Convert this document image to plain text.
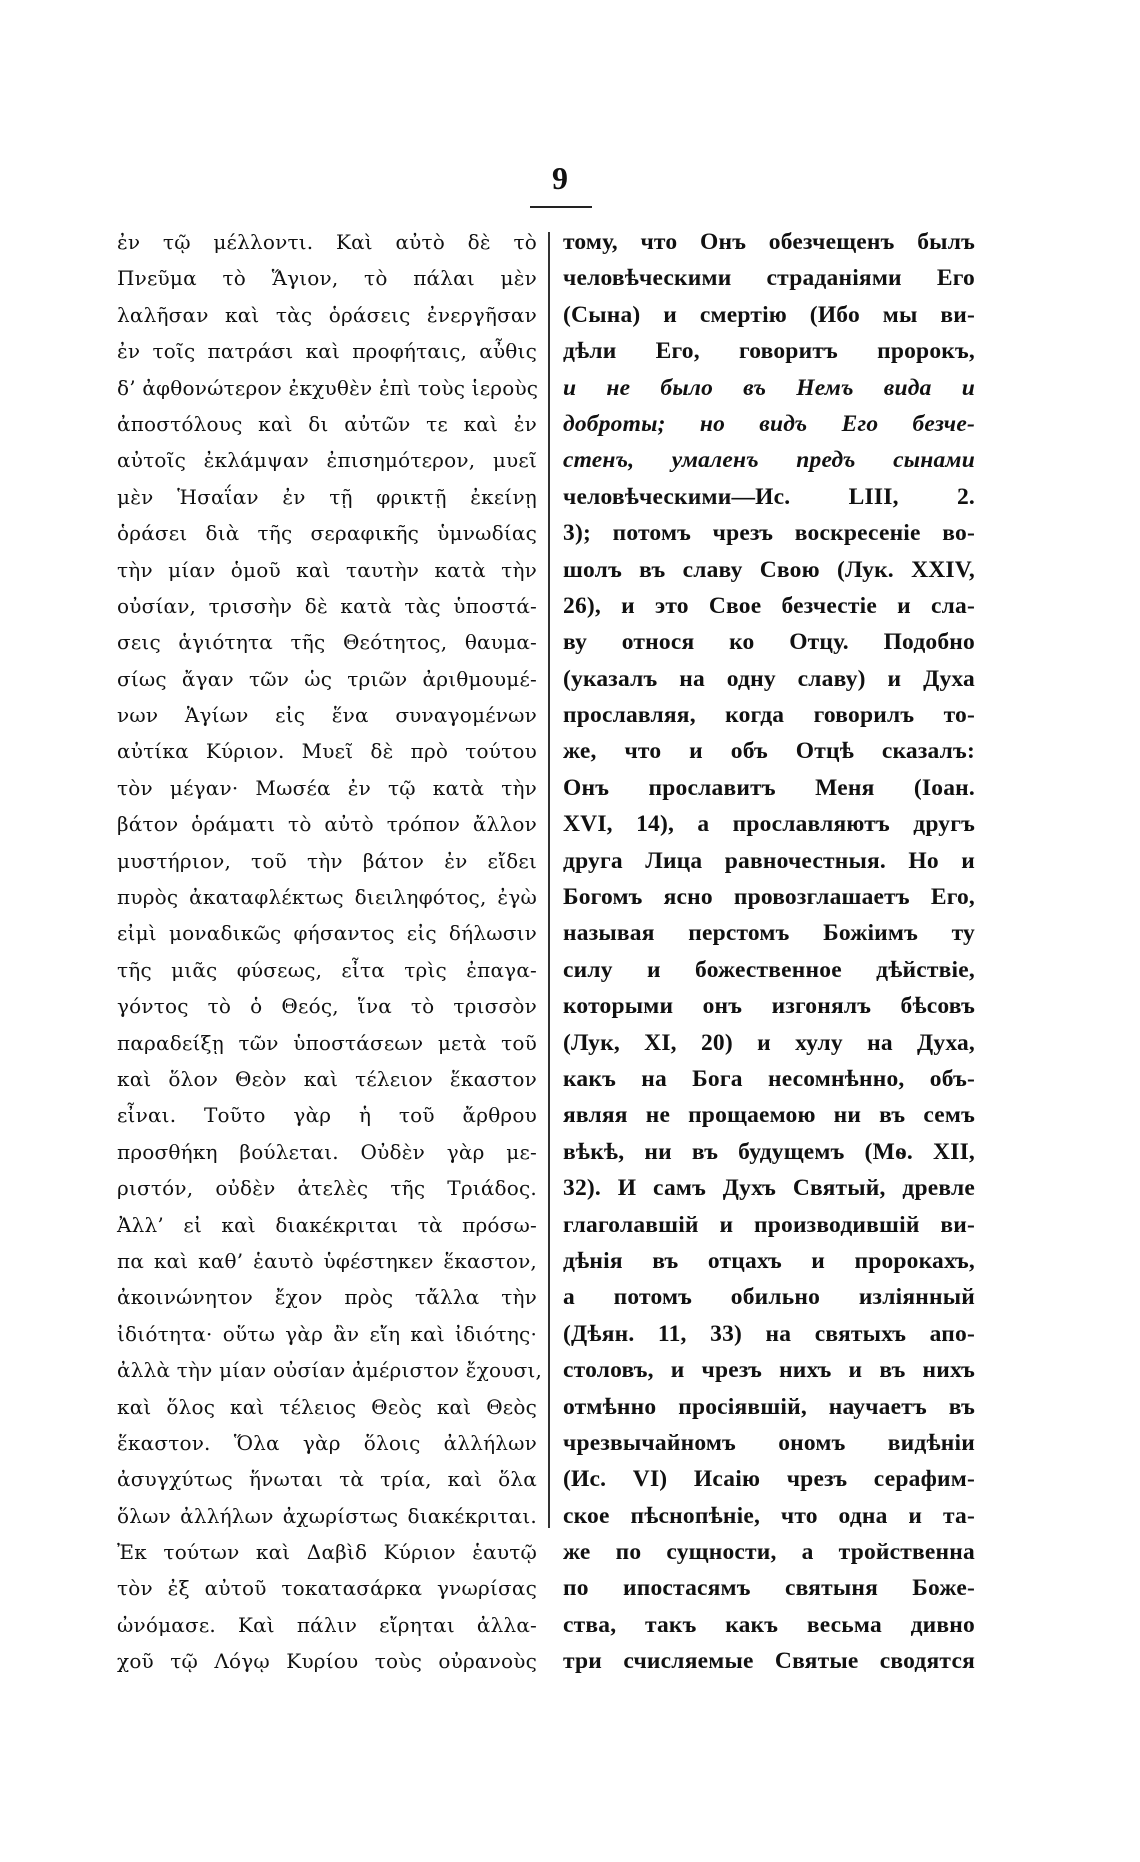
9
ἐν τῷ μέλλοντι. Καὶ αὐτὸ δὲ τὸ
Πνεῦμα τὸ Ἅγιον, τὸ πάλαι μὲν
λαλῆσαν καὶ τὰς ὁράσεις ἐνεργῆσαν
ἐν τοῖς πατράσι καὶ προφήταις, αὖθις
δ’ ἀφθονώτερον ἐκχυθὲν ἐπὶ τοὺς ἱεροὺς
ἀποστόλους καὶ δι αὐτῶν τε καὶ ἐν
αὐτοῖς ἐκλάμψαν ἐπισημότερον, μυεῖ
μὲν Ἡσαΐαν ἐν τῇ φρικτῇ ἐκείνῃ
ὁράσει διὰ τῆς σεραφικῆς ὑμνωδίας
τὴν μίαν ὁμοῦ καὶ ταυτὴν κατὰ τὴν
οὐσίαν, τρισσὴν δὲ κατὰ τὰς ὑποστά-
σεις ἁγιότητα τῆς Θεότητος, θαυμα-
σίως ἄγαν τῶν ὡς τριῶν ἀριθμουμέ-
νων Ἁγίων εἰς ἕνα συναγομένων
αὐτίκα Κύριον. Μυεῖ δὲ πρὸ τούτου
τὸν μέγαν· Μωσέα ἐν τῷ κατὰ τὴν
βάτον ὁράματι τὸ αὐτὸ τρόπον ἄλλον
μυστήριον, τοῦ τὴν βάτον ἐν εἴδει
πυρὸς ἀκαταφλέκτως διειληφότος, ἐγὼ
εἰμὶ μοναδικῶς φήσαντος εἰς δήλωσιν
τῆς μιᾶς φύσεως, εἶτα τρὶς ἐπαγα-
γόντος τὸ ὁ Θεός, ἵνα τὸ τρισσὸν
παραδείξῃ τῶν ὑποστάσεων μετὰ τοῦ
καὶ ὅλον Θεὸν καὶ τέλειον ἕκαστον
εἶναι. Τοῦτο γὰρ ἡ τοῦ ἄρθρου
προσθήκη βούλεται. Οὐδὲν γὰρ με-
ριστόν, οὐδὲν ἀτελὲς τῆς Τριάδος.
Ἀλλ’ εἰ καὶ διακέκριται τὰ πρόσω-
πα καὶ καθ’ ἑαυτὸ ὑφέστηκεν ἕκαστον,
ἀκοινώνητον ἔχον πρὸς τἄλλα τὴν
ἰδιότητα· οὕτω γὰρ ἂν εἴη καὶ ἰδιότης·
ἀλλὰ τὴν μίαν οὐσίαν ἀμέριστον ἔχουσι,
καὶ ὅλος καὶ τέλειος Θεὸς καὶ Θεὸς
ἕκαστον. Ὅλα γὰρ ὅλοις ἀλλήλων
ἀσυγχύτως ἥνωται τὰ τρία, καὶ ὅλα
ὅλων ἀλλήλων ἀχωρίστως διακέκριται.
Ἐκ τούτων καὶ Δαβὶδ Κύριον ἑαυτῷ
τὸν ἐξ αὐτοῦ τοκατασάρκα γνωρίσας
ὠνόμασε. Καὶ πάλιν εἴρηται ἀλλα-
χοῦ τῷ Λόγῳ Κυρίου τοὺς οὐρανοὺς
тому, что Онъ обезчещенъ былъ
человѣческими страданіями Его
(Сына) и смертію (Ибо мы ви-
дѣли Его, говоритъ пророкъ,
и не было въ Немъ вида и
доброты; но видъ Его безче-
стенъ, умаленъ предъ сынами
человѣческими—Ис. LIII, 2.
3); потомъ чрезъ воскресеніе во-
шолъ въ славу Свою (Лук. XXIV,
26), и это Свое безчестіе и сла-
ву относя ко Отцу. Подобно
(указалъ на одну славу) и Духа
прославляя, когда говорилъ то-
же, что и объ Отцѣ сказалъ:
Онъ прославитъ Меня (Іоан.
XVI, 14), а прославляютъ другъ
друга Лица равночестныя. Но и
Богомъ ясно провозглашаетъ Его,
называя перстомъ Божіимъ ту
силу и божественное дѣйствіе,
которыми онъ изгонялъ бѣсовъ
(Лук, XI, 20) и хулу на Духа,
какъ на Бога несомнѣнно, объ-
являя не прощаемою ни въ семъ
вѣкѣ, ни въ будущемъ (Мѳ. XII,
32). И самъ Духъ Святый, древле
глаголавшій и производившій ви-
дѣнія въ отцахъ и пророкахъ,
а потомъ обильно изліянный
(Дѣян. 11, 33) на святыхъ апо-
столовъ, и чрезъ нихъ и въ нихъ
отмѣнно просіявшій, научаетъ въ
чрезвычайномъ ономъ видѣніи
(Ис. VI) Исаію чрезъ серафим-
ское пѣснопѣніе, что одна и та-
же по сущности, а тройственна
по ипостасямъ святыня Боже-
ства, такъ какъ весьма дивно
три счисляемые Святые сводятся
